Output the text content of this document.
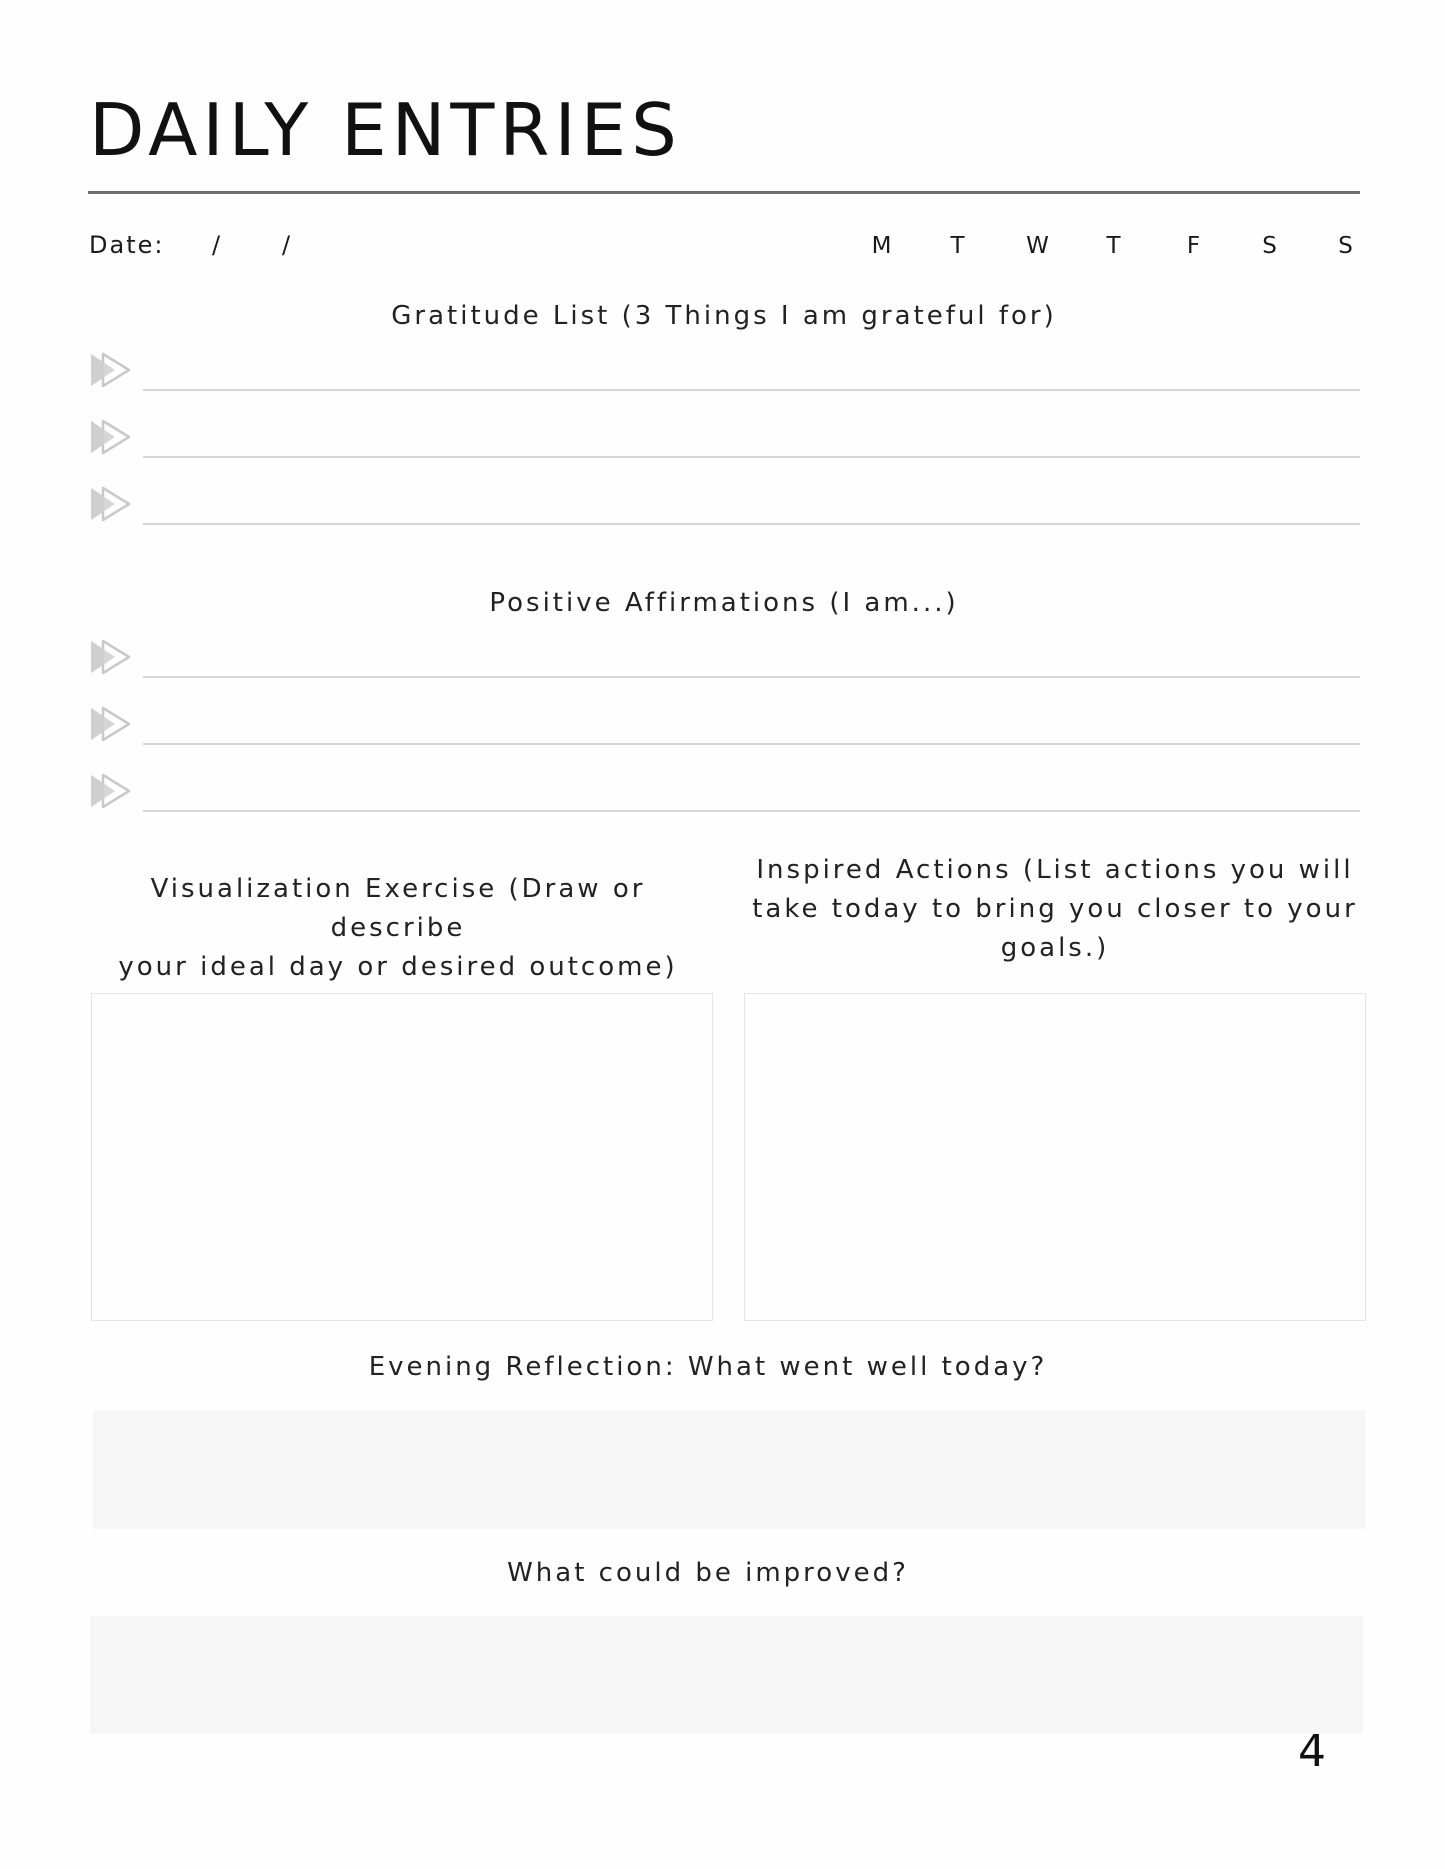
DAILY ENTRIES
Date: /	/	M	T	W	T	F	S	S
Gratitude List (3 Things I am grateful for)
Positive Affirmations (I am...)
Visualization Exercise (Draw or describe
your ideal day or desired outcome)
Inspired Actions (List actions you will
take today to bring you closer to your
goals.)
Evening Reflection: What went well today?
What could be improved?
4
